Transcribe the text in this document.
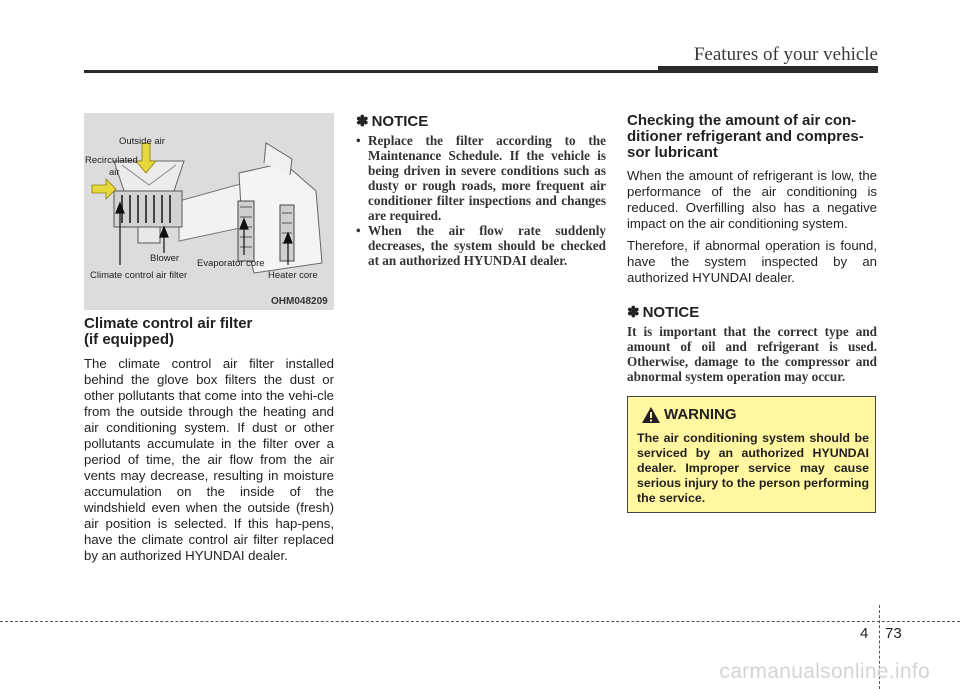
Features of your vehicle
Outside air
Recirculated
air
Blower Evaporator core
Climate control air filter	Heater core
OHM048209
Climate control air filter
(if equipped)

The climate control air filter installed behind the glove box filters the dust or other pollutants that come into the vehi-cle from the outside through the heating and air conditioning system. If dust or other pollutants accumulate in the filter over a period of time, the air flow from the air vents may decrease, resulting in moisture accumulation on the inside of the windshield even when the outside (fresh) air position is selected. If this hap-pens, have the climate control air filter replaced by an authorized HYUNDAI dealer.

✽ NOTICE
• Replace the filter according to the Maintenance Schedule. If the vehicle is being driven in severe conditions such as dusty or rough roads, more frequent air conditioner filter inspections and changes are required.
• When the air flow rate suddenly decreases, the system should be checked at an authorized HYUNDAI dealer.
Checking the amount of air con-
ditioner refrigerant and compres-
sor lubricant

When the amount of refrigerant is low, the performance of the air conditioning is reduced. Overfilling also has a negative impact on the air conditioning system.

Therefore, if abnormal operation is found, have the system inspected by an authorized HYUNDAI dealer.

✽ NOTICE
It is important that the correct type and amount of oil and refrigerant is used. Otherwise, damage to the compressor and abnormal system operation may occur.
WARNING
The air conditioning system should be serviced by an authorized HYUNDAI dealer. Improper service may cause serious injury to the person performing the service.
4 73
carmanualsonline.info
